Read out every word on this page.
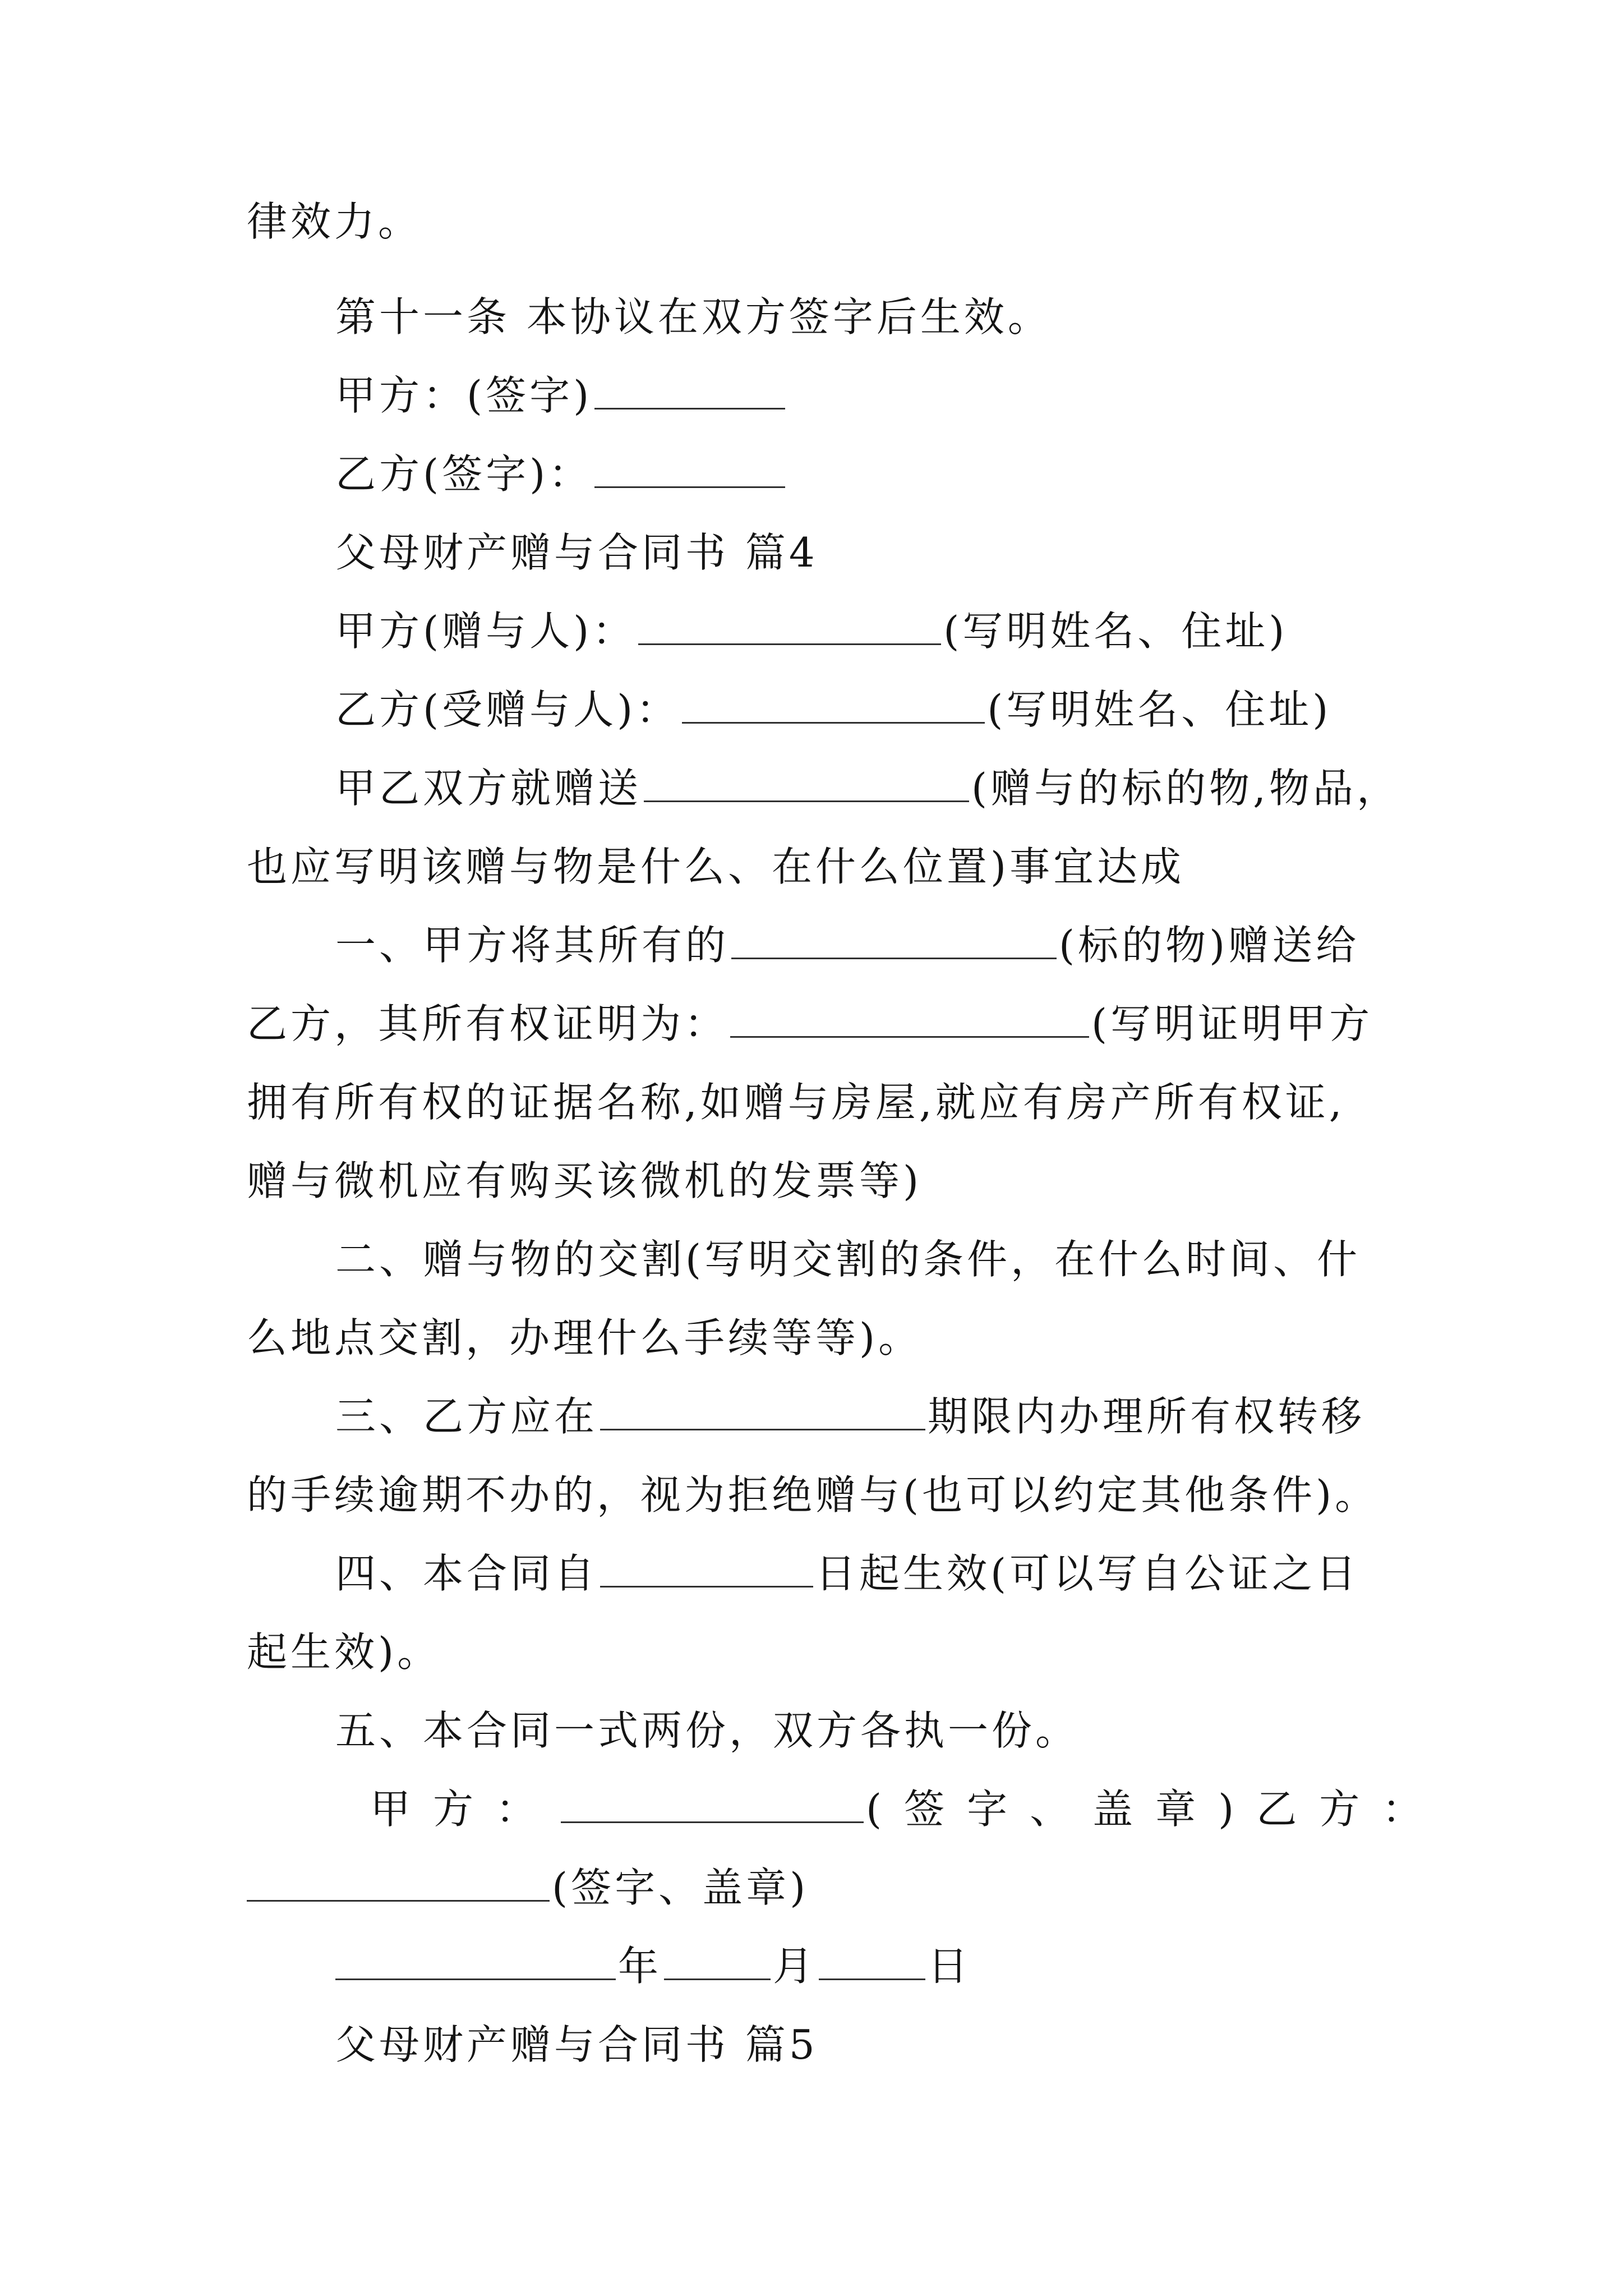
律效力。
第十一条 本协议在双方签字后生效。
甲方：(签字)
乙方(签字)：
父母财产赠与合同书 篇4
甲方(赠与人)：	(写明姓名、住址)
乙方(受赠与人)：	(写明姓名、住址)
甲乙双方就赠送	(赠与的标的物,物品，
也应写明该赠与物是什么、在什么位置)事宜达成
一、甲方将其所有的	(标的物)赠送给
乙方，其所有权证明为：	(写明证明甲方
拥有所有权的证据名称,如赠与房屋,就应有房产所有权证,
赠与微机应有购买该微机的发票等)
二、赠与物的交割(写明交割的条件，在什么时间、什
么地点交割，办理什么手续等等)。
三、乙方应在	期限内办理所有权转移
的手续逾期不办的，视为拒绝赠与(也可以约定其他条件)。
四、本合同自	日起生效(可以写自公证之日
起生效)。
五、本合同一式两份，双方各执一份。
甲方：	(签字、盖章)乙方：
(签字、盖章)
年	月	日
父母财产赠与合同书 篇5
